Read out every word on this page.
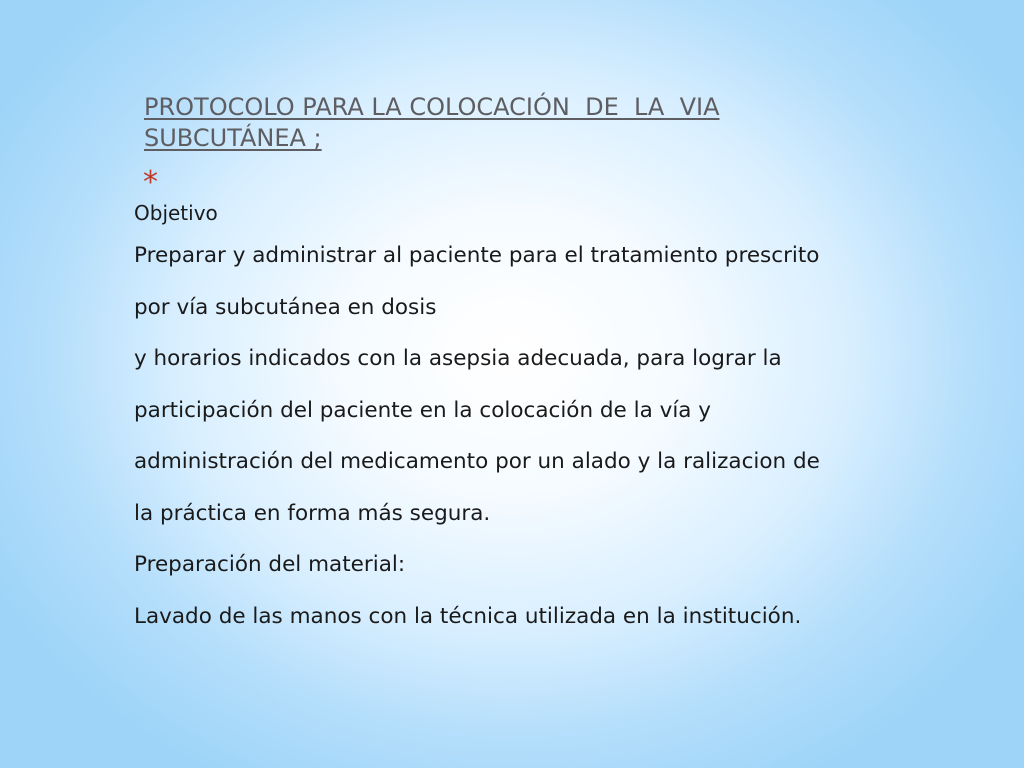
PROTOCOLO PARA LA COLOCACIÓN  DE  LA  VIA
SUBCUTÁNEA ;
*
Objetivo

Preparar y administrar al paciente para el tratamiento prescrito

por vía subcutánea en dosis

y horarios indicados con la asepsia adecuada, para lograr la

participación del paciente en la colocación de la vía y

administración del medicamento por un alado y la ralizacion de

la práctica en forma más segura.

Preparación del material:

Lavado de las manos con la técnica utilizada en la institución.
